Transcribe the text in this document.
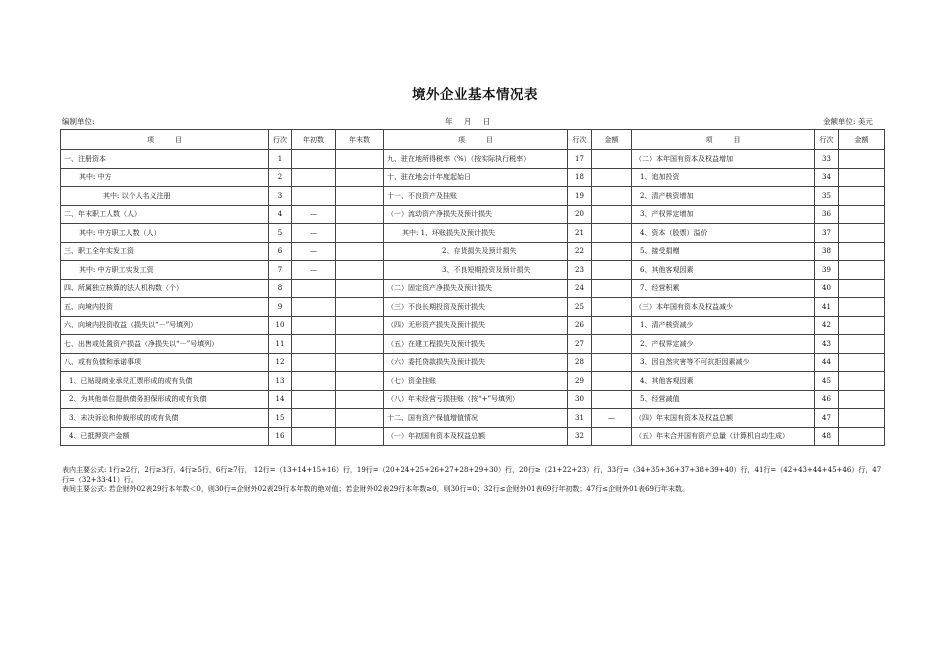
境外企业基本情况表
编制单位:	年 月 日	金额单位: 美元
项　　　目	行次	年初数	年末数	项　　　目	行次	金额	项　　　目	行次	金额
一、注册资本	1			九、驻在地所得税率（%）（按实际执行税率）	17		（二）本年国有资本及权益增加	33	
其中: 中方	2			十、驻在地会计年度起始日	18		1、追加投资	34	
其中: 以个人名义注册	3			十一、不良资产及挂账	19		2、清产核资增加	35	
二、年末职工人数（人）	4	—		（一）流动资产净损失及预计损失	20		3、产权界定增加	36	
其中: 中方职工人数（人）	5	—		其中: 1、坏账损失及预计损失	21		4、资本（股票）溢价	37	
三、职工全年实发工资	6	—		2、存货损失及预计损失	22		5、接受捐赠	38	
其中: 中方职工实发工资	7	—		3、不良短期投资及预计损失	23		6、其他客观因素	39	
四、所属独立核算的法人机构数（个）	8			（二）固定资产净损失及预计损失	24		7、经营积累	40	
五、向境内投资	9			（三）不良长期投资及预计损失	25		（三）本年国有资本及权益减少	41	
六、向境内投资收益（损失以“－”号填列）	10			（四）无形资产损失及预计损失	26		1、清产核资减少	42	
七、出售或处置资产损益（净损失以“－”号填列）	11			（五）在建工程损失及预计损失	27		2、产权界定减少	43	
八、或有负债和承诺事项	12			（六）委托贷款损失及预计损失	28		3、因自然灾害等不可抗拒因素减少	44	
1、已贴现商业承兑汇票形成的或有负债	13			（七）资金挂账	29		4、其他客观因素	45	
2、为其他单位提供债务担保形成的或有负债	14			（八）年末经营亏损挂账（按“+”号填列）	30		5、经营减值	46	
3、未决诉讼和仲裁形成的或有负债	15			十二、国有资产保值增值情况	31	—	（四）年末国有资本及权益总额	47	
4、已抵押资产金额	16			（一）年初国有资本及权益总额	32		（五）年末合并国有资产总量（计算机自动生成）	48	
表内主要公式: 1行≥2行，2行≥3行，4行≥5行，6行≥7行， 12行=（13+14+15+16）行，19行=（20+24+25+26+27+28+29+30）行，20行≥（21+22+23）行，33行=（34+35+36+37+38+39+40）行，41行=（42+43+44+45+46）行，47行=（32+33-41）行。
表间主要公式: 若企财外02表29行本年数＜0，则30行=企财外02表29行本年数的绝对值；若企财外02表29行本年数≥0，则30行=0；32行≤企财外01表69行年初数；47行≤企财外01表69行年末数。
